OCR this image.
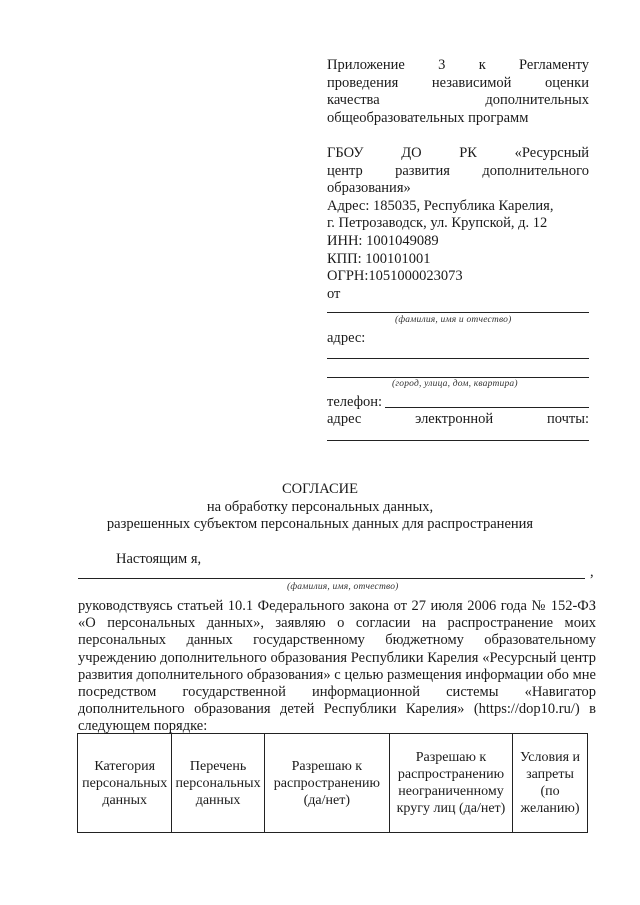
Приложение 3 к Регламенту
проведения независимой оценки
качества дополнительных
общеобразовательных программ
ГБОУ ДО РК «Ресурсный
центр развития дополнительного
образования»
Адрес: 185035, Республика Карелия,
г. Петрозаводск, ул. Крупской, д. 12
ИНН: 1001049089
КПП: 100101001
ОГРН:1051000023073
от
(фамилия, имя и отчество)
адрес:
(город, улица, дом, квартира)
телефон:
адрес электронной почты:
СОГЛАСИЕ
на обработку персональных данных,
разрешенных субъектом персональных данных для распространения
Настоящим я,
,
(фамилия, имя, отчество)
руководствуясь статьей 10.1 Федерального закона от 27 июля 2006 года № 152-ФЗ «О персональных данных», заявляю о согласии на распространение моих персональных данных государственному бюджетному образовательному учреждению дополнительного образования Республики Карелия «Ресурсный центр развития дополнительного образования» с целью размещения информации обо мне посредством государственной информационной системы «Навигатор дополнительного образования детей Республики Карелия» (https://dop10.ru/) в следующем порядке:
Категория персональных данных	Перечень персональных данных	Разрешаю к распространению (да/нет)	Разрешаю к распространению неограниченному кругу лиц (да/нет)	Условия и запреты (по желанию)
